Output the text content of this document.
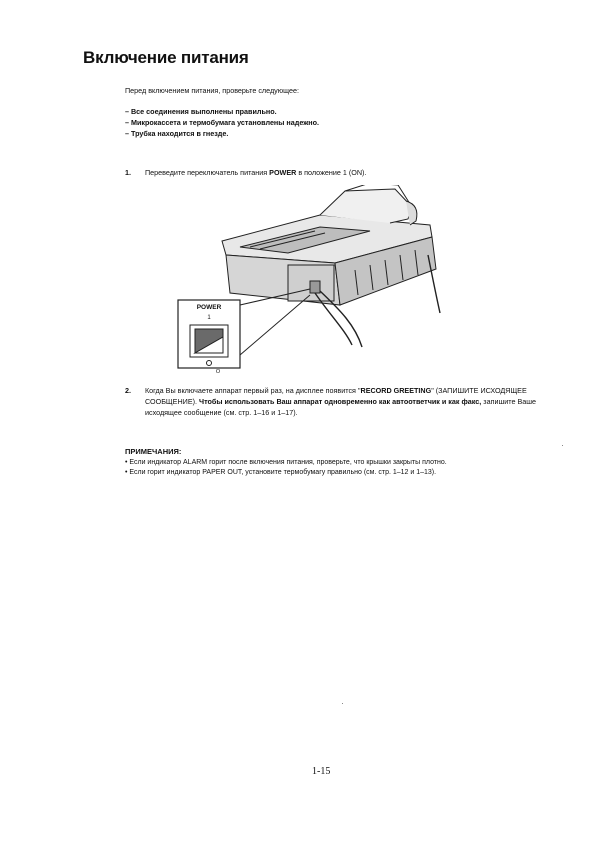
Включение питания
Перед включением питания, проверьте следующее:
– Все соединения выполнены правильно.
– Микрокассета и термобумага установлены надежно.
– Трубка находится в гнезде.
1. Переведите переключатель питания POWER в положение 1 (ON).
POWER
1
O
2. Когда Вы включаете аппарат первый раз, на дисплее появится "RECORD GREETING" (ЗАПИШИТЕ ИСХОДЯЩЕЕ СООБЩЕНИЕ). Чтобы использовать Ваш аппарат одновременно как автоответчик и как факс, запишите Ваше исходящее сообщение (см. стр. 1–16 и 1–17).
ПРИМЕЧАНИЯ:
• Если индикатор ALARM горит после включения питания, проверьте, что крышки закрыты плотно.
• Если горит индикатор PAPER OUT, установите термобумагу правильно (см. стр. 1–12 и 1–13).
1-15
